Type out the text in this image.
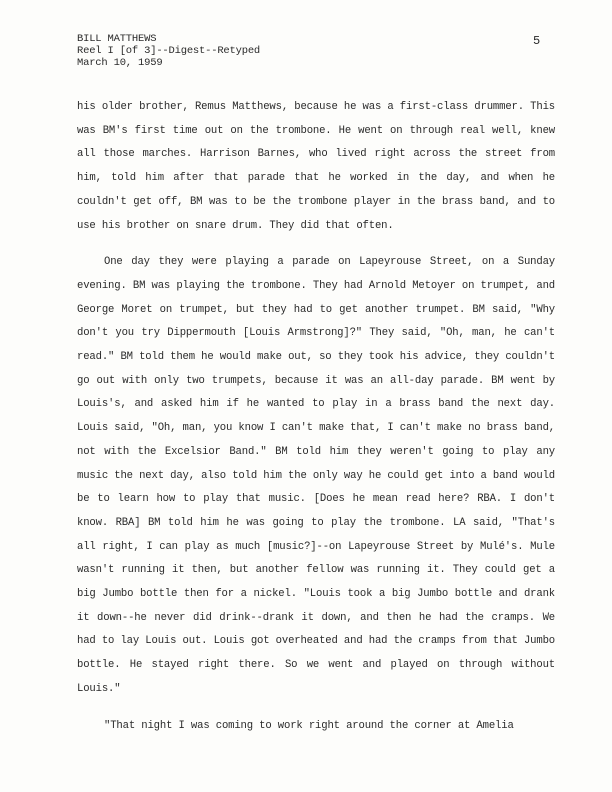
BILL MATTHEWS
Reel I [of 3]--Digest--Retyped
March 10, 1959
5

his older brother, Remus Matthews, because he was a first-class drummer. This was BM's first time out on the trombone. He went on through real well, knew all those marches. Harrison Barnes, who lived right across the street from him, told him after that parade that he worked in the day, and when he couldn't get off, BM was to be the trombone player in the brass band, and to use his brother on snare drum. They did that often.

One day they were playing a parade on Lapeyrouse Street, on a Sunday evening. BM was playing the trombone. They had Arnold Metoyer on trumpet, and George Moret on trumpet, but they had to get another trumpet. BM said, "Why don't you try Dippermouth [Louis Armstrong]?" They said, "Oh, man, he can't read." BM told them he would make out, so they took his advice, they couldn't go out with only two trumpets, because it was an all-day parade. BM went by Louis's, and asked him if he wanted to play in a brass band the next day. Louis said, "Oh, man, you know I can't make that, I can't make no brass band, not with the Excelsior Band." BM told him they weren't going to play any music the next day, also told him the only way he could get into a band would be to learn how to play that music. [Does he mean read here? RBA. I don't know. RBA] BM told him he was going to play the trombone. LA said, "That's all right, I can play as much [music?]--on Lapeyrouse Street by Mulé's. Mule wasn't running it then, but another fellow was running it. They could get a big Jumbo bottle then for a nickel. "Louis took a big Jumbo bottle and drank it down--he never did drink--drank it down, and then he had the cramps. We had to lay Louis out. Louis got overheated and had the cramps from that Jumbo bottle. He stayed right there. So we went and played on through without Louis."

"That night I was coming to work right around the corner at Amelia
